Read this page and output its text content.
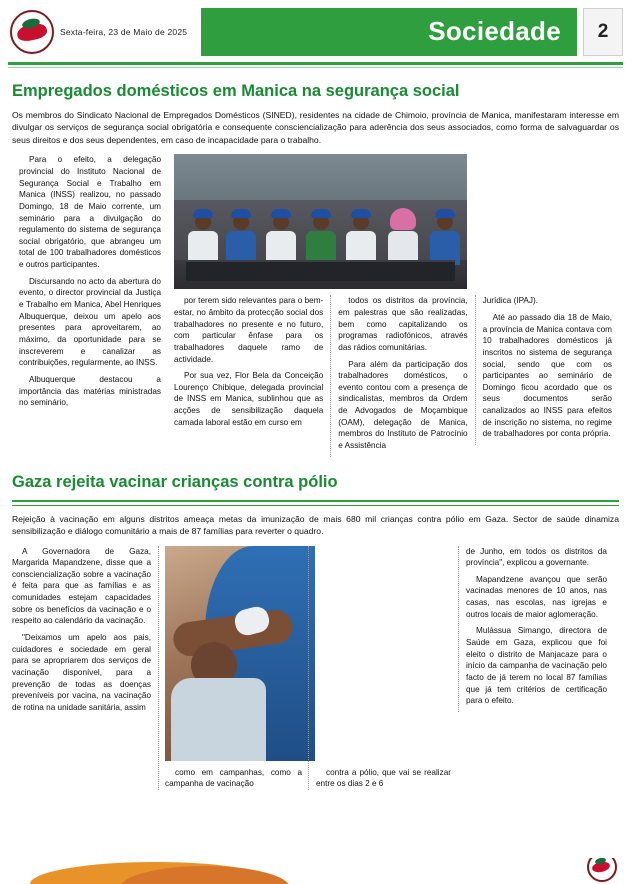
Sexta-feira, 23 de Maio de 2025	Sociedade	2
Empregados domésticos em Manica na segurança social
Os membros do Sindicato Nacional de Empregados Domésticos (SINED), residentes na cidade de Chimoio, província de Manica, manifestaram interesse em divulgar os serviços de segurança social obrigatória e consequente consciencialização para aderência dos seus associados, como forma de salvaguardar os seus direitos e dos seus dependentes, em caso de incapacidade para o trabalho.

Para o efeito, a delegação provincial do Instituto Nacional de Segurança Social e Trabalho em Manica (INSS) realizou, no passado Domingo, 18 de Maio corrente, um seminário para a divulgação do regulamento do sistema de segurança social obrigatório, que abrangeu um total de 100 trabalhadores domésticos e outros participantes.

Discursando no acto da abertura do evento, o director provincial da Justiça e Trabalho em Manica, Abel Henriques Albuquerque, deixou um apelo aos presentes para aproveitarem, ao máximo, da oportunidade para se inscreverem e canalizar as contribuições, regularmente, ao INSS.

Albuquerque destacou a importância das matérias ministradas no seminário,

por terem sido relevantes para o bem-estar, no âmbito da protecção social dos trabalhadores no presente e no futuro, com particular ênfase para os trabalhadores daquele ramo de actividade.

Por sua vez, Flor Bela da Conceição Lourenço Chibique, delegada provincial de INSS em Manica, sublinhou que as acções de sensibilização daquela camada laboral estão em curso em

todos os distritos da província, em palestras que são realizadas, bem como capitalizando os programas radiofónicos, através das rádios comunitárias.

Para além da participação dos trabalhadores domésticos, o evento contou com a presença de sindicalistas, membros da Ordem de Advogados de Moçambique (OAM), delegação de Manica, membros do Instituto de Patrocínio e Assistência

Jurídica (IPAJ).

Até ao passado dia 18 de Maio, a província de Manica contava com 10 trabalhadores domésticos já inscritos no sistema de segurança social, sendo que com os participantes ao seminário de Domingo ficou acordado que os seus documentos serão canalizados ao INSS para efeitos de inscrição no sistema, no regime de trabalhadores por conta própria.

Gaza rejeita vacinar crianças contra pólio
Rejeição à vacinação em alguns distritos ameaça metas da imunização de mais 680 mil crianças contra pólio em Gaza. Sector de saúde dinamiza sensibilização e diálogo comunitário a mais de 87 famílias para reverter o quadro.

A Governadora de Gaza, Margarida Mapandzene, disse que a consciencialização sobre a vacinação é feita para que as famílias e as comunidades estejam capacidades sobre os benefícios da vacinação e o respeito ao calendário da vacinação.

"Deixamos um apelo aos pais, cuidadores e sociedade em geral para se apropriarem dos serviços de vacinação disponível, para a prevenção de todas as doenças preveníveis por vacina, na vacinação de rotina na unidade sanitária, assim

como em campanhas, como a campanha de vacinação

contra a pólio, que vai se realizar entre os dias 2 e 6

de Junho, em todos os distritos da província", explicou a governante.

Mapandzene avançou que serão vacinadas menores de 10 anos, nas casas, nas escolas, nas igrejas e outros locais de maior aglomeração.

Mulássua Simango, directora de Saúde em Gaza, explicou que foi eleito o distrito de Manjacaze para o início da campanha de vacinação pelo facto de já terem no local 87 famílias que já tem critérios de certificação para o efeito.
